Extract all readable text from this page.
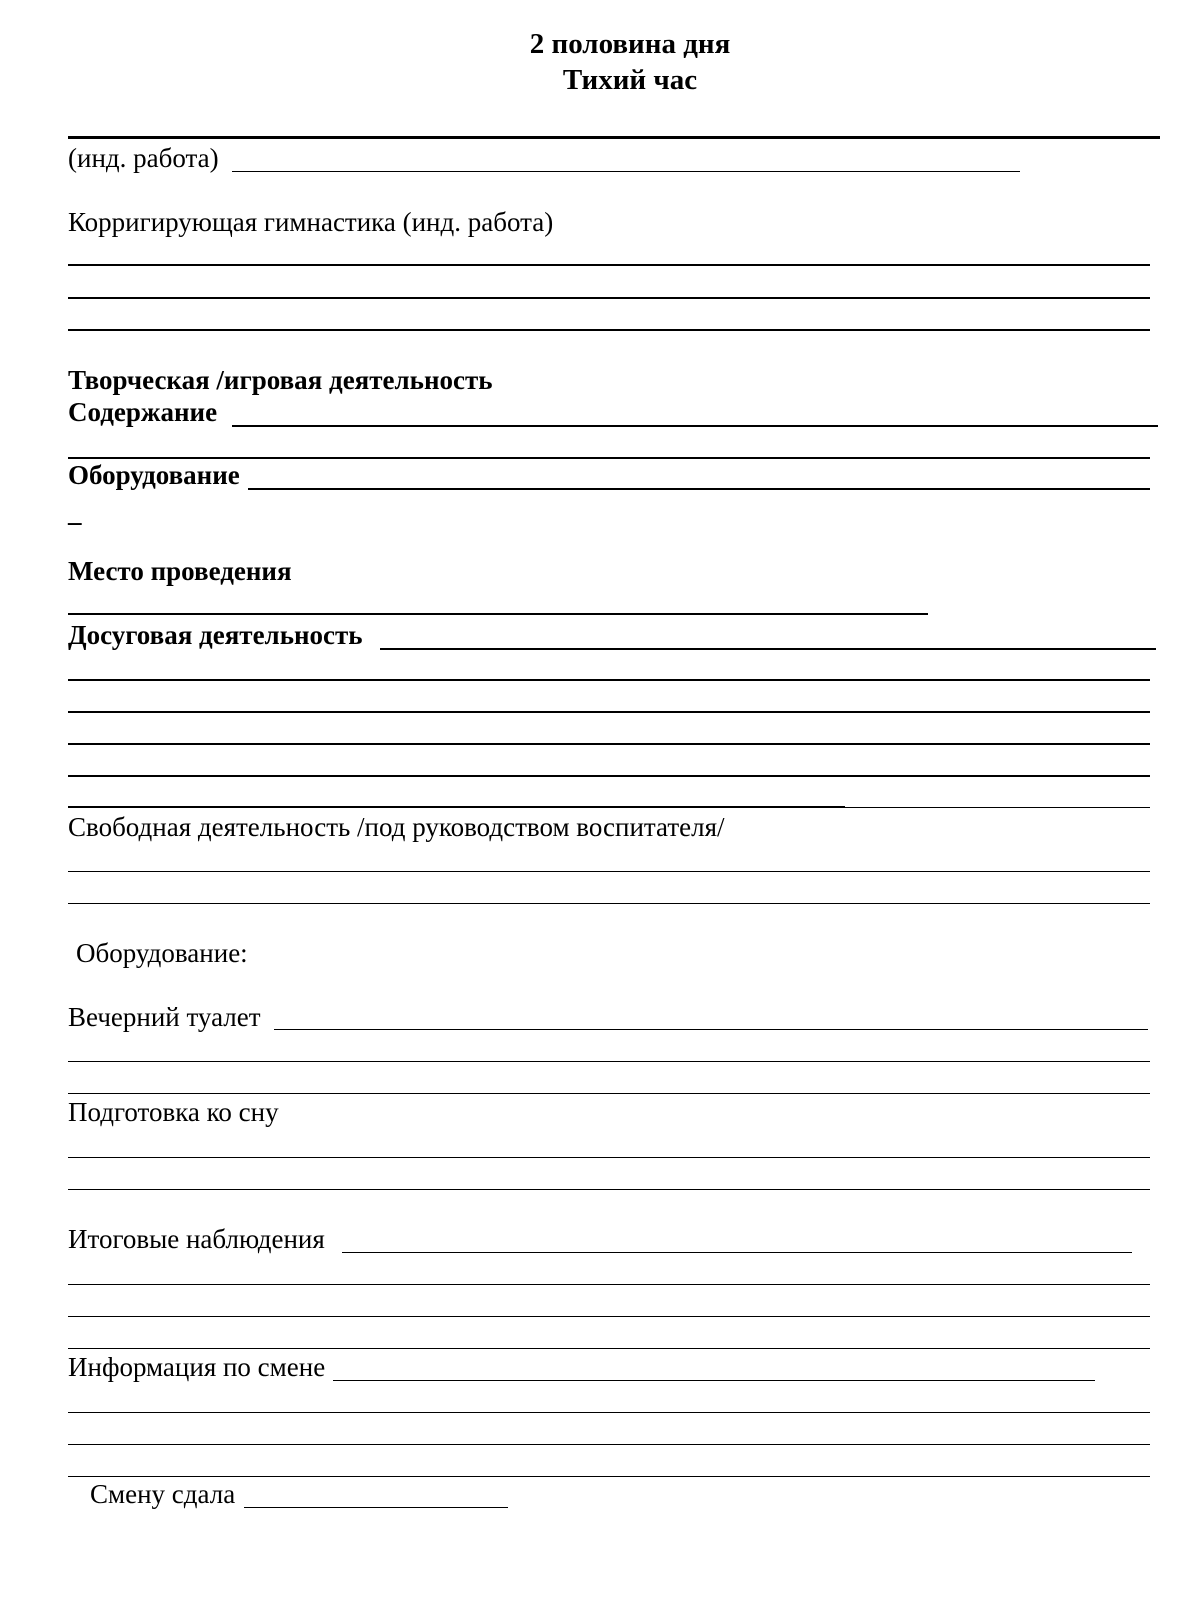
2 половина дня
Тихий час
(инд. работа)
Корригирующая гимнастика (инд. работа)
Творческая /игровая деятельность
Содержание
Оборудование
_
Место проведения
Досуговая деятельность
Свободная деятельность /под руководством воспитателя/
Оборудование:
Вечерний туалет
Подготовка ко сну
Итоговые наблюдения
Информация по смене
Смену сдала
